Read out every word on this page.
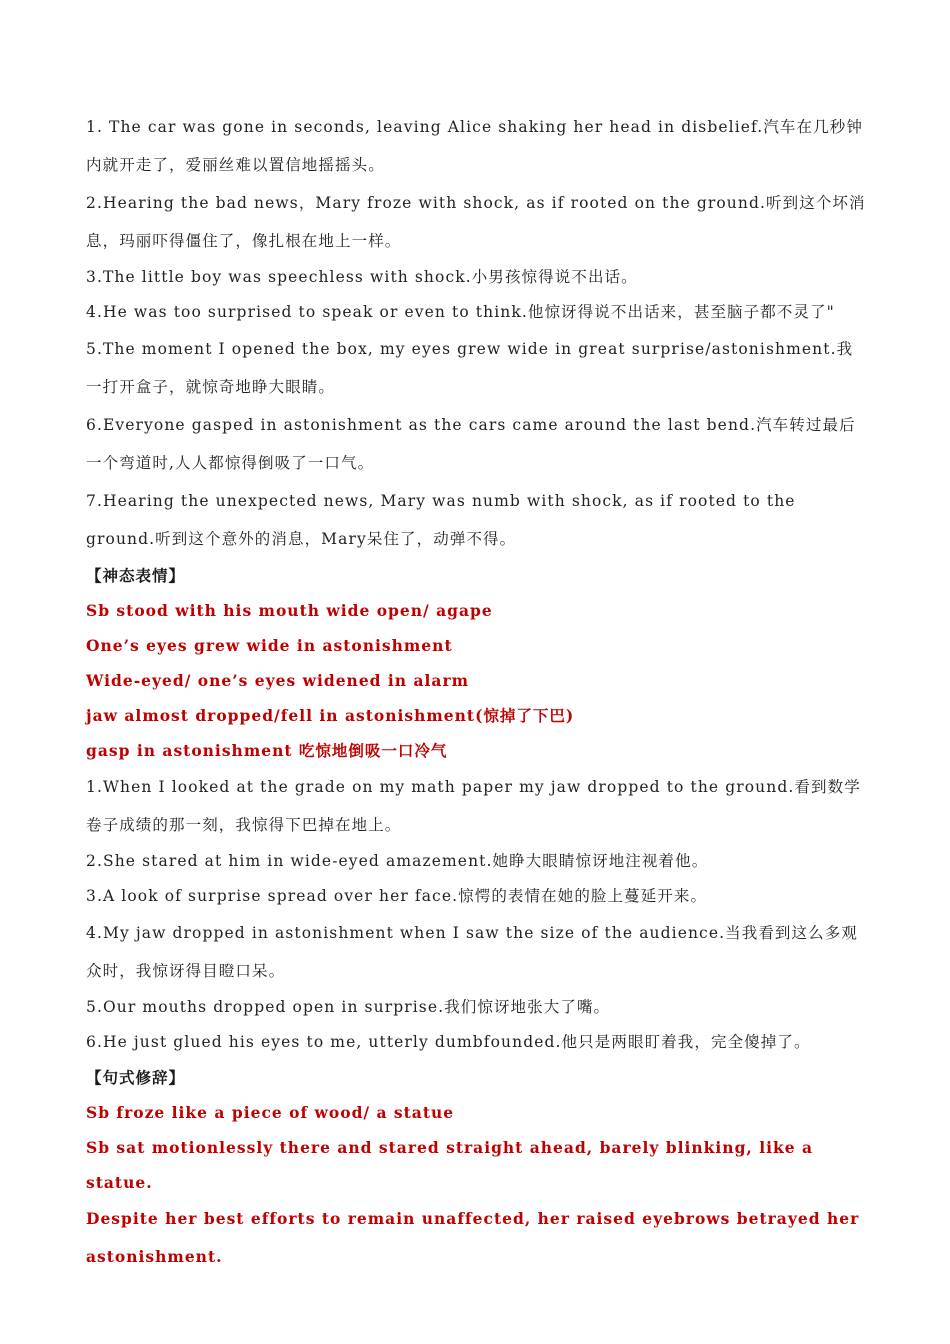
1. The car was gone in seconds, leaving Alice shaking her head in disbelief.汽车在几秒钟内就开走了，爱丽丝难以置信地摇摇头。

2.Hearing the bad news，Mary froze with shock, as if rooted on the ground.听到这个坏消息，玛丽吓得僵住了，像扎根在地上一样。

3.The little boy was speechless with shock.小男孩惊得说不出话。

4.He was too surprised to speak or even to think.他惊讶得说不出话来，甚至脑子都不灵了"

5.The moment I opened the box, my eyes grew wide in great surprise/astonishment.我一打开盒子，就惊奇地睁大眼睛。

6.Everyone gasped in astonishment as the cars came around the last bend.汽车转过最后一个弯道时,人人都惊得倒吸了一口气。

7.Hearing the unexpected news, Mary was numb with shock, as if rooted to the ground.听到这个意外的消息，Mary呆住了，动弹不得。

【神态表情】

Sb stood with his mouth wide open/ agape

One’s eyes grew wide in astonishment

Wide-eyed/ one’s eyes widened in alarm

jaw almost dropped/fell in astonishment(惊掉了下巴)

gasp in astonishment 吃惊地倒吸一口冷气

1.When I looked at the grade on my math paper my jaw dropped to the ground.看到数学卷子成绩的那一刻，我惊得下巴掉在地上。

2.She stared at him in wide-eyed amazement.她睁大眼睛惊讶地注视着他。

3.A look of surprise spread over her face.惊愕的表情在她的脸上蔓延开来。

4.My jaw dropped in astonishment when I saw the size of the audience.当我看到这么多观众时，我惊讶得目瞪口呆。

5.Our mouths dropped open in surprise.我们惊讶地张大了嘴。

6.He just glued his eyes to me, utterly dumbfounded.他只是两眼盯着我，完全傻掉了。

【句式修辞】

Sb froze like a piece of wood/ a statue

Sb sat motionlessly there and stared straight ahead, barely blinking, like a statue.

Despite her best efforts to remain unaffected, her raised eyebrows betrayed her astonishment.
